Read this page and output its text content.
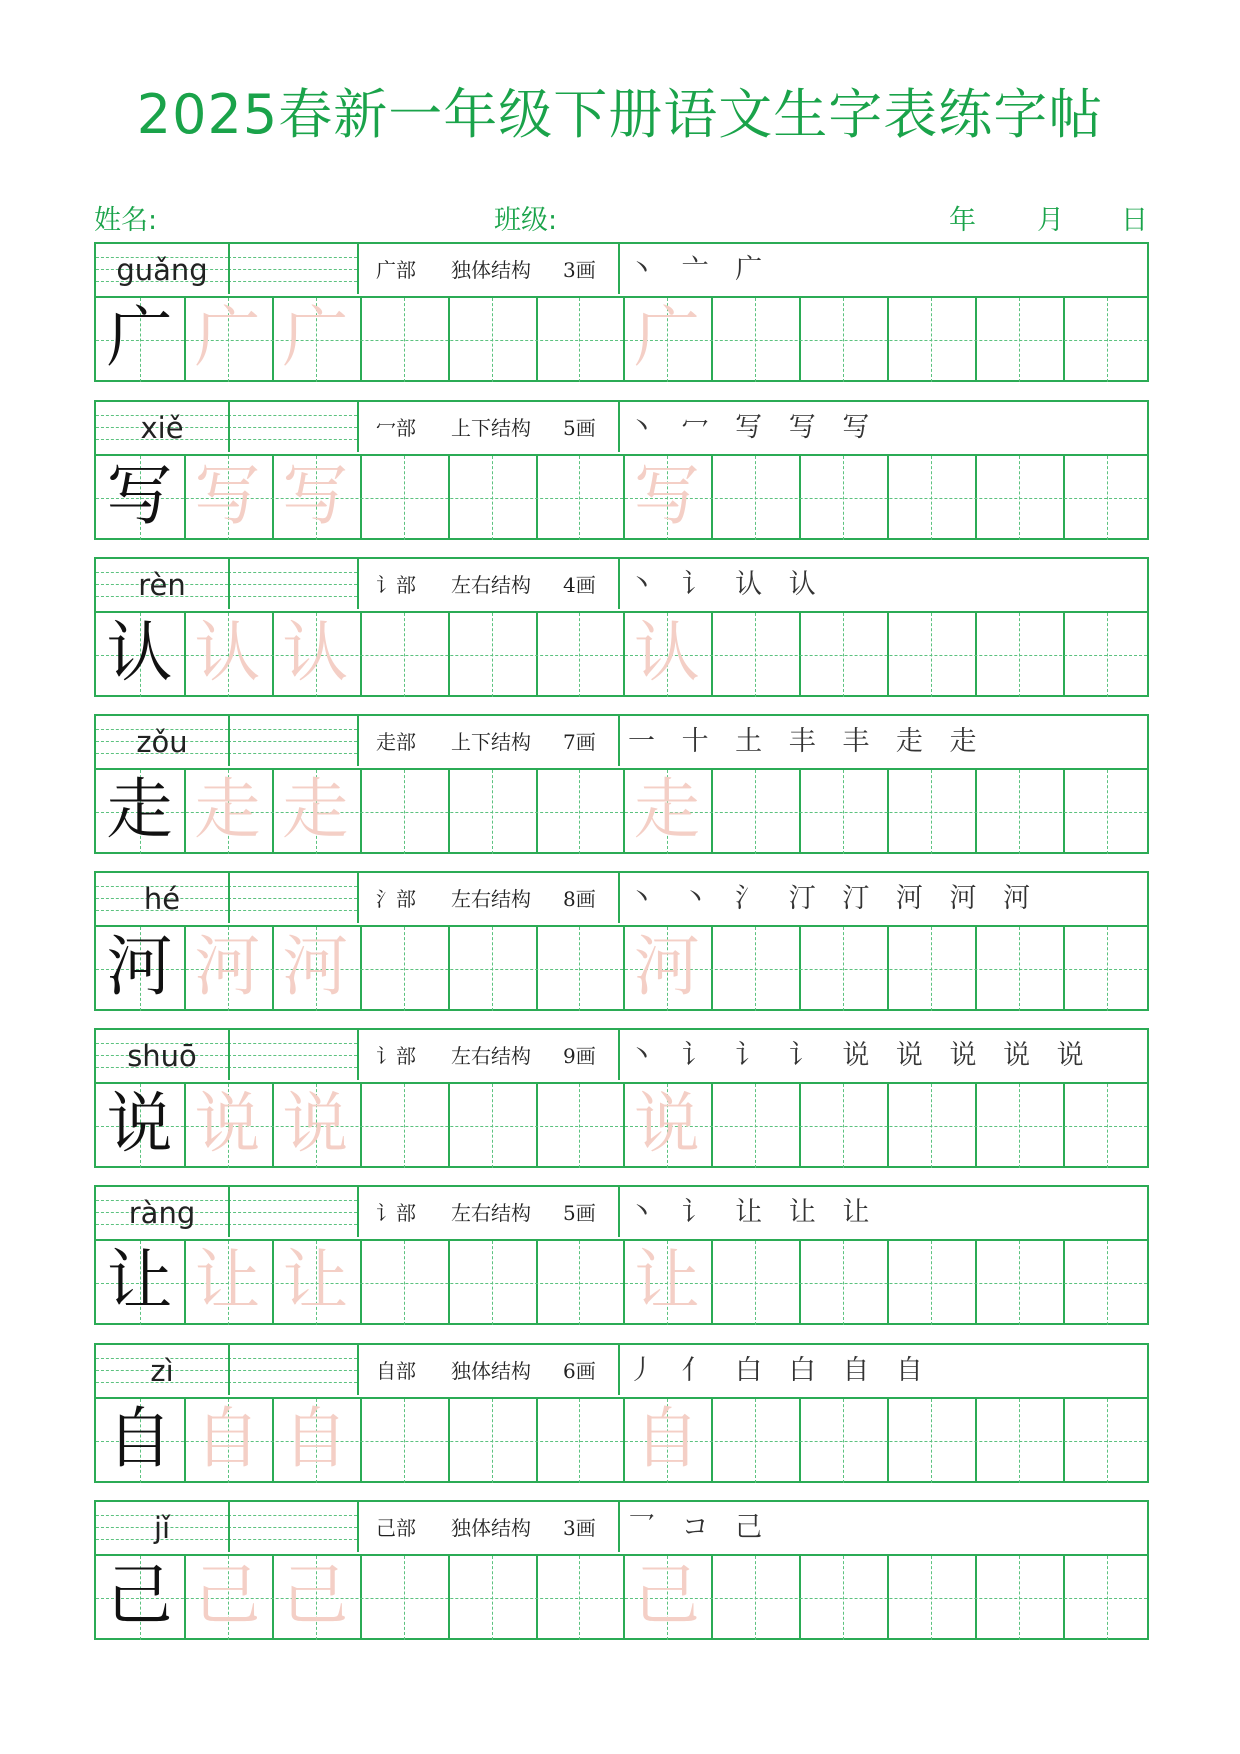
2025春新一年级下册语文生字表练字帖
姓名:	班级:	年 月 日
guǎng	广部 独体结构 3画 丶 亠 广
广 广 广	广
xiě	冖部 上下结构 5画 丶 冖 写 写 写
写 写 写	写
rèn	讠部 左右结构 4画 丶 讠 认 认
认 认 认	认
zǒu	走部 上下结构 7画 一 十 土 丰 丰 走 走
走 走 走	走
hé	氵部 左右结构 8画 丶 丶 氵 汀 汀 河 河 河
河 河 河	河
shuō	讠部 左右结构 9画 丶 讠 讠 讠 说 说 说 说 说
说 说 说	说
ràng	讠部 左右结构 5画 丶 讠 让 让 让
让 让 让	让
zì	自部 独体结构 6画 丿 亻 白 白 自 自
自 自 自	自
jǐ	己部 独体结构 3画 乛 コ 己
己 己 己	己
